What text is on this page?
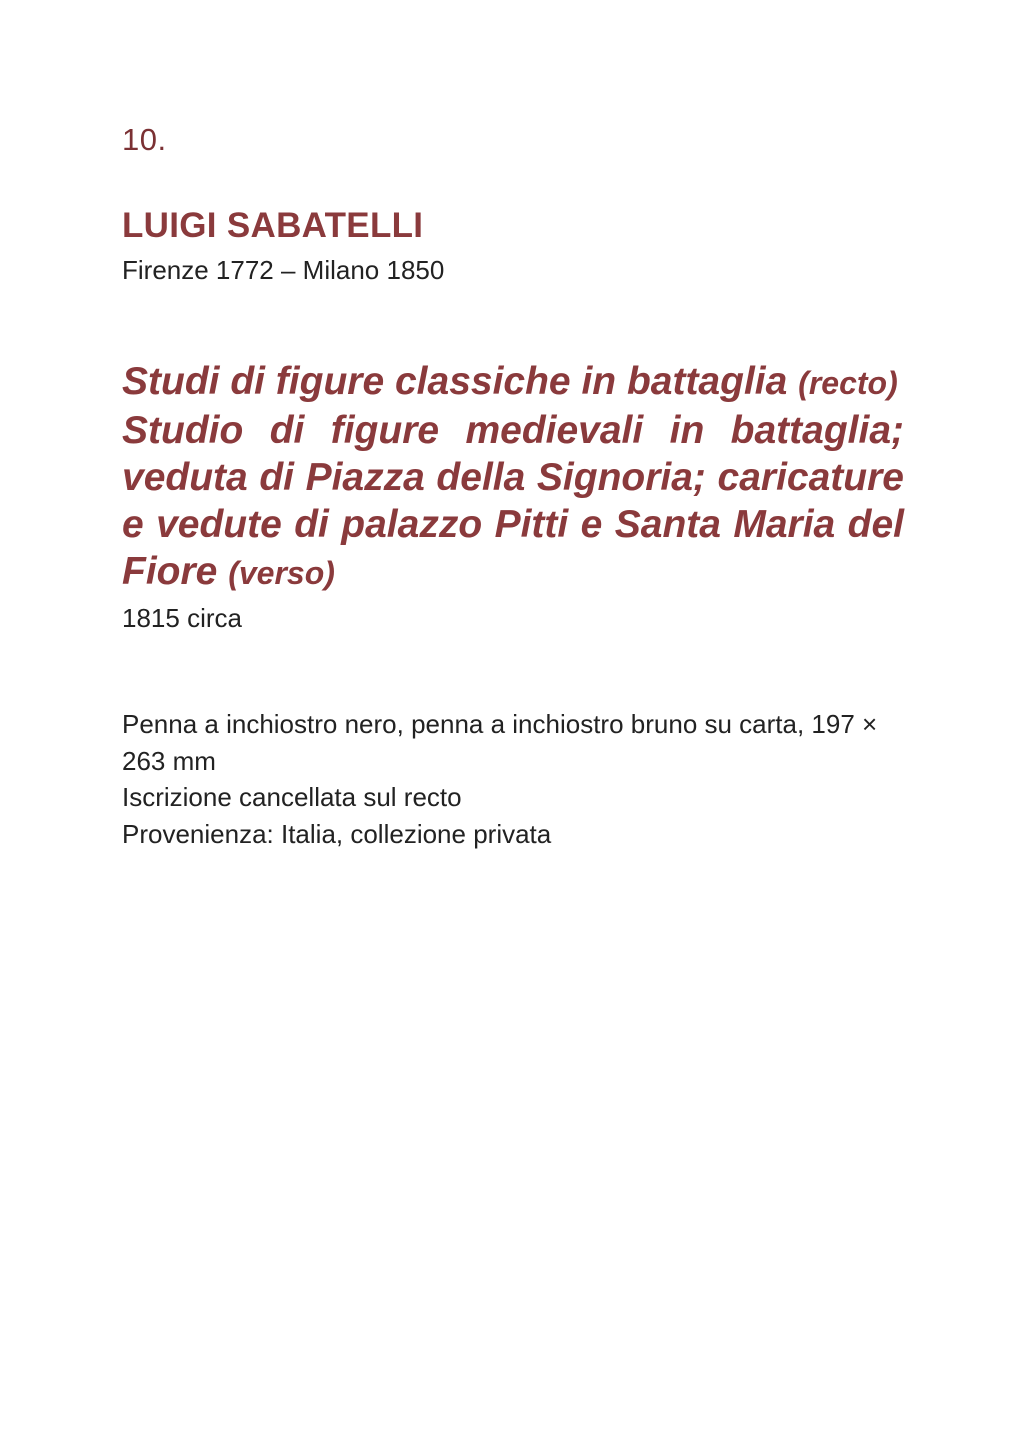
10.
LUIGI SABATELLI
Firenze 1772 – Milano 1850
Studi di figure classiche in battaglia (recto)
Studio di figure medievali in battaglia; veduta di Piazza della Signoria; caricature e vedute di palazzo Pitti e Santa Maria del Fiore (verso)
1815 circa
Penna a inchiostro nero, penna a inchiostro bruno su carta, 197 × 263 mm
Iscrizione cancellata sul recto
Provenienza: Italia, collezione privata
